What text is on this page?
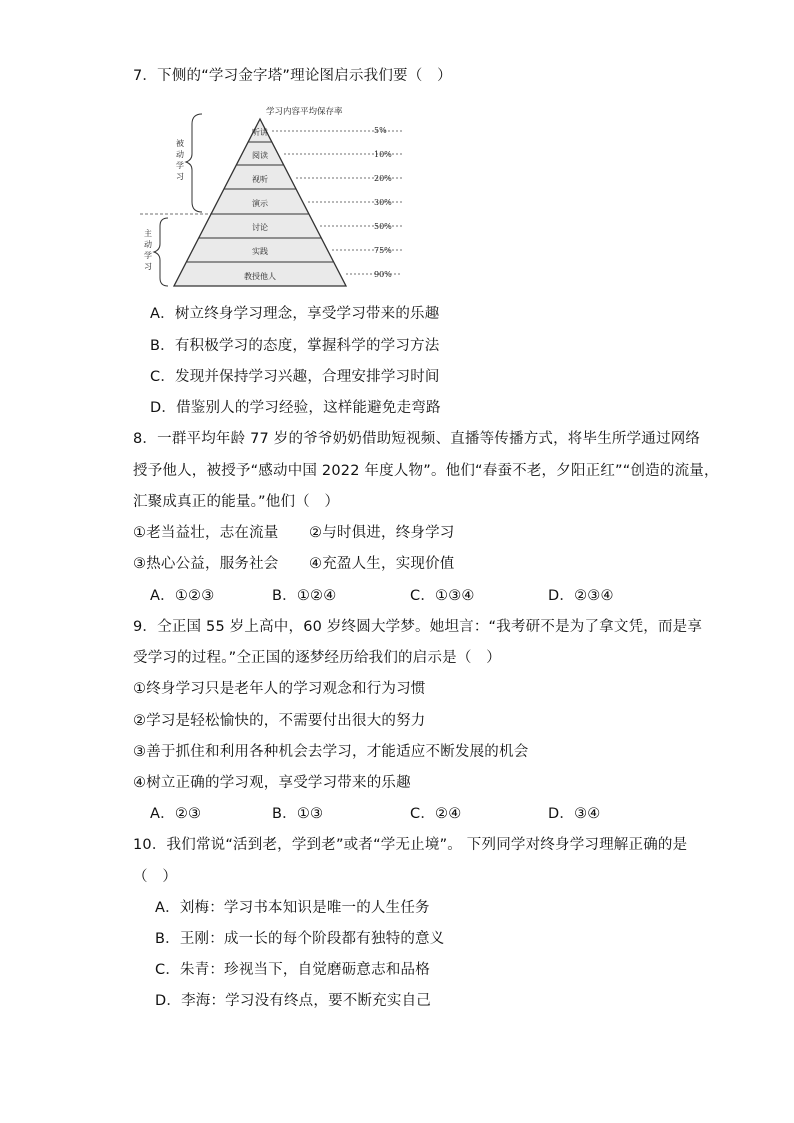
7．下侧的“学习金字塔”理论图启示我们要（　）
学习内容平均保存率
听讲
阅读
视听
演示
讨论
实践
教授他人
5%
10%
20%
30%
50%
75%
90%
被
动
学
习
主
动
学
习
A．树立终身学习理念，享受学习带来的乐趣
B．有积极学习的态度，掌握科学的学习方法
C．发现并保持学习兴趣，合理安排学习时间
D．借鉴别人的学习经验，这样能避免走弯路
8．一群平均年龄 77 岁的爷爷奶奶借助短视频、直播等传播方式，将毕生所学通过网络
授予他人，被授予“感动中国 2022 年度人物”。他们“春蚕不老，夕阳正红”“创造的流量，
汇聚成真正的能量。”他们（　）
①老当益壮，志在流量 ②与时俱进，终身学习
③热心公益，服务社会 ④充盈人生，实现价值
A．①②③	B．①②④	C．①③④	D．②③④
9．仝正国 55 岁上高中，60 岁终圆大学梦。她坦言：“我考研不是为了拿文凭，而是享
受学习的过程。”仝正国的逐梦经历给我们的启示是（　）
①终身学习只是老年人的学习观念和行为习惯
②学习是轻松愉快的，不需要付出很大的努力
③善于抓住和利用各种机会去学习，才能适应不断发展的机会
④树立正确的学习观，享受学习带来的乐趣
A．②③	B．①③	C．②④	D．③④
10．我们常说“活到老，学到老”或者“学无止境”。 下列同学对终身学习理解正确的是
（　）
A．刘梅：学习书本知识是唯一的人生任务
B．王刚：成一长的每个阶段都有独特的意义
C．朱青：珍视当下，自觉磨砺意志和品格
D．李海：学习没有终点，要不断充实自己
